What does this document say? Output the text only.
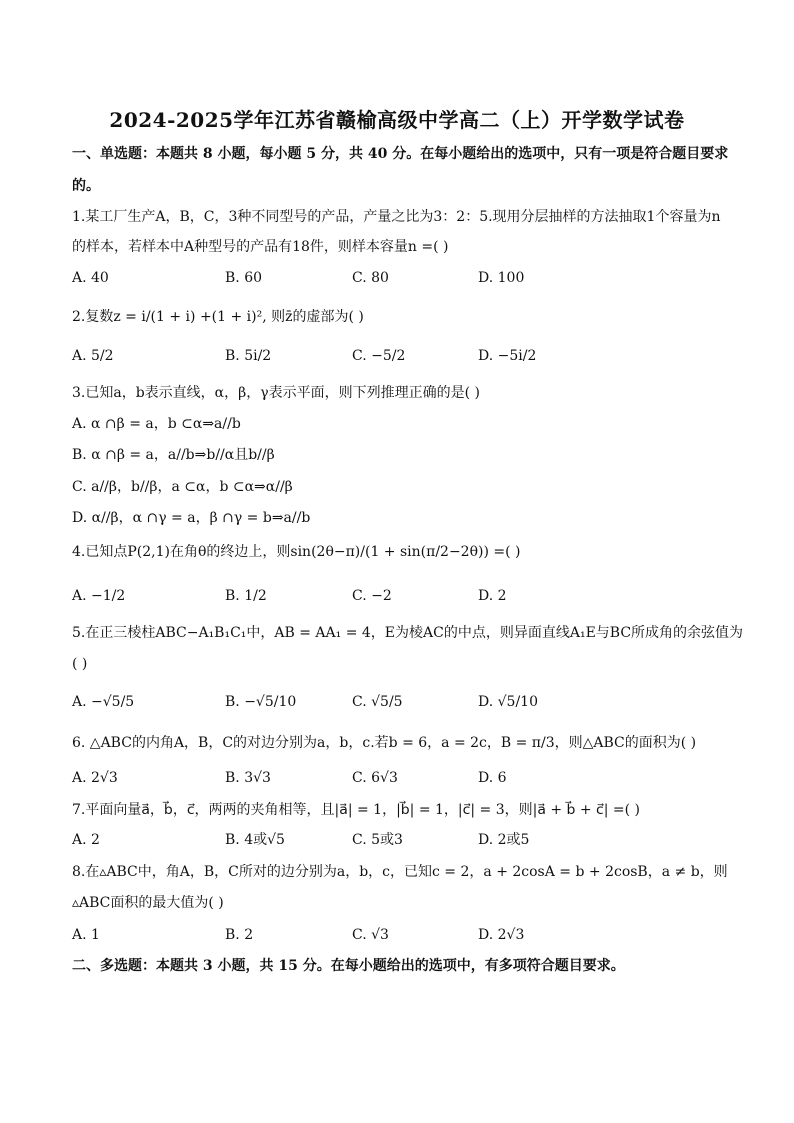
2024-2025学年江苏省赣榆高级中学高二（上）开学数学试卷
一、单选题：本题共 8 小题，每小题 5 分，共 40 分。在每小题给出的选项中，只有一项是符合题目要求
的。
1.某工厂生产A，B，C，3种不同型号的产品，产量之比为3：2：5.现用分层抽样的方法抽取1个容量为n
的样本，若样本中A种型号的产品有18件，则样本容量n =( )
A. 40	B. 60	C. 80	D. 100
2.复数z = i/(1 + i) +(1 + i)², 则z̄的虚部为( )
A. 5/2	B. 5i/2	C. −5/2	D. −5i/2
3.已知a，b表示直线，α，β，γ表示平面，则下列推理正确的是( )
A. α ∩β = a，b ⊂α⇒a//b
B. α ∩β = a，a//b⇒b//α且b//β
C. a//β，b//β，a ⊂α，b ⊂α⇒α//β
D. α//β，α ∩γ = a，β ∩γ = b⇒a//b
4.已知点P(2,1)在角θ的终边上，则sin(2θ−π)/(1 + sin(π/2−2θ)) =( )
A. −1/2	B. 1/2	C. −2	D. 2
5.在正三棱柱ABC−A₁B₁C₁中，AB = AA₁ = 4，E为棱AC的中点，则异面直线A₁E与BC所成角的余弦值为
( )
A. −√5/5	B. −√5/10	C. √5/5	D. √5/10
6. △ABC的内角A，B，C的对边分别为a，b，c.若b = 6，a = 2c，B = π/3，则△ABC的面积为( )
A. 2√3	B. 3√3	C. 6√3	D. 6
7.平面向量a⃗，b⃗，c⃗，两两的夹角相等，且|a⃗| = 1，|b⃗| = 1，|c⃗| = 3，则|a⃗ + b⃗ + c⃗| =( )
A. 2	B. 4或√5	C. 5或3	D. 2或5
8.在▵ABC中，角A，B，C所对的边分别为a，b，c，已知c = 2，a + 2cosA = b + 2cosB，a ≠ b，则
▵ABC面积的最大值为( )
A. 1	B. 2	C. √3	D. 2√3
二、多选题：本题共 3 小题，共 15 分。在每小题给出的选项中，有多项符合题目要求。
